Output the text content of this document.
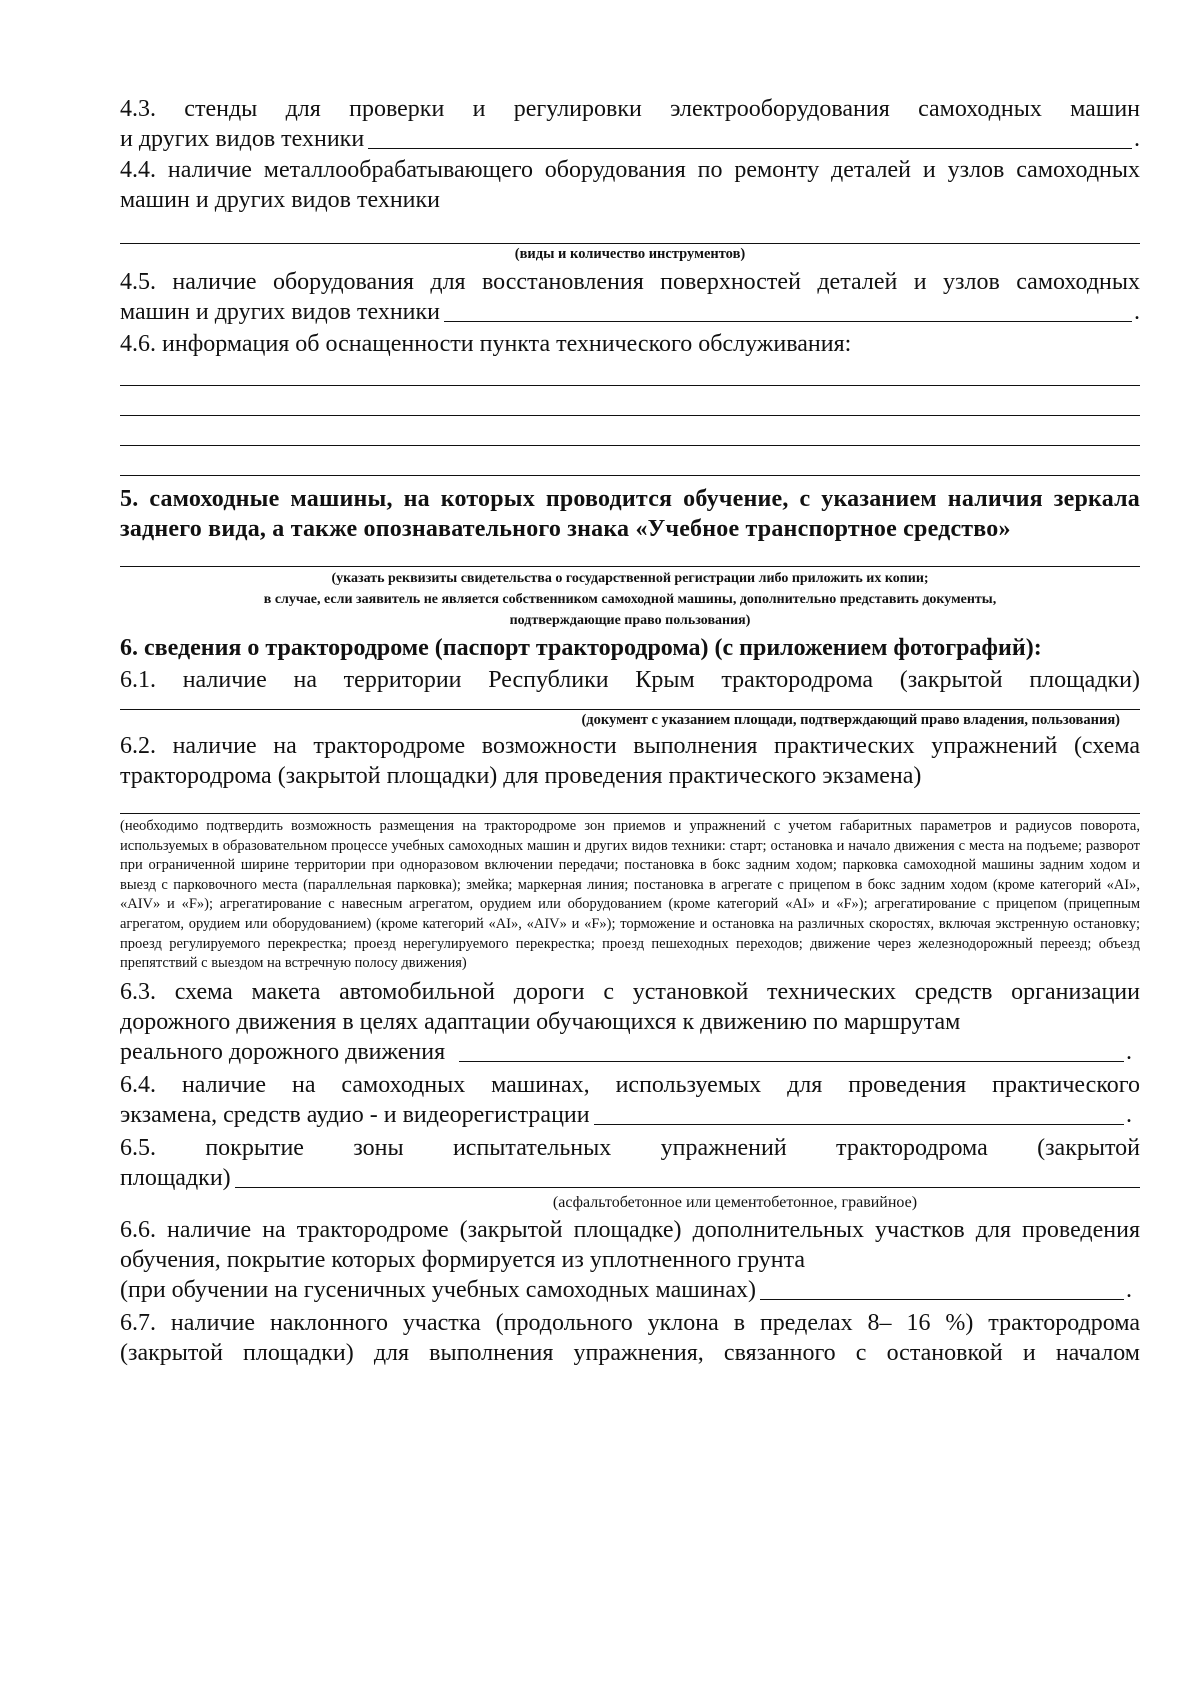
4.3. стенды для проверки и регулировки электрооборудования самоходных машин

и других видов техники	.

4.4. наличие металлообрабатывающего оборудования по ремонту деталей и узлов самоходных машин и других видов техники

(виды и количество инструментов)

4.5. наличие оборудования для восстановления поверхностей деталей и узлов самоходных

машин и других видов техники	.

4.6. информация об оснащенности пункта технического обслуживания:

5. самоходные машины, на которых проводится обучение, с указанием наличия зеркала заднего вида, а также опознавательного знака «Учебное транспортное средство»

(указать реквизиты свидетельства о государственной регистрации либо приложить их копии;

в случае, если заявитель не является собственником самоходной машины, дополнительно представить документы,

подтверждающие право пользования)

6. сведения о трактородроме (паспорт трактородрома) (с приложением фотографий):

6.1. наличие на территории Республики Крым трактородрома (закрытой площадки)

(документ с указанием площади, подтверждающий право владения, пользования)

6.2. наличие на трактородроме возможности выполнения практических упражнений (схема трактородрома (закрытой площадки) для проведения практического экзамена)

(необходимо подтвердить возможность размещения на трактородроме зон приемов и упражнений с учетом габаритных параметров и радиусов поворота, используемых в образовательном процессе учебных самоходных машин и других видов техники: старт; остановка и начало движения с места на подъеме; разворот при ограниченной ширине территории при одноразовом включении передачи; постановка в бокс задним ходом; парковка самоходной машины задним ходом и выезд с парковочного места (параллельная парковка); змейка; маркерная линия; постановка в агрегате с прицепом в бокс задним ходом (кроме категорий «AI», «AIV» и «F»); агрегатирование с навесным агрегатом, орудием или оборудованием (кроме категорий «AI» и «F»); агрегатирование с прицепом (прицепным агрегатом, орудием или оборудованием) (кроме категорий «AI», «AIV» и «F»); торможение и остановка на различных скоростях, включая экстренную остановку; проезд регулируемого перекрестка; проезд нерегулируемого перекрестка; проезд пешеходных переходов; движение через железнодорожный переезд; объезд препятствий с выездом на встречную полосу движения)

6.3. схема макета автомобильной дороги с установкой технических средств организации дорожного движения в целях адаптации обучающихся к движению по маршрутам

реального дорожного движения	.

6.4. наличие на самоходных машинах, используемых для проведения практического

экзамена, средств аудио - и видеорегистрации	.

6.5. покрытие зоны испытательных упражнений трактородрома (закрытой

площадки)

(асфальтобетонное или цементобетонное, гравийное)

6.6. наличие на трактородроме (закрытой площадке) дополнительных участков для проведения обучения, покрытие которых формируется из уплотненного грунта

(при обучении на гусеничных учебных самоходных машинах)	.

6.7. наличие наклонного участка (продольного уклона в пределах 8– 16 %) трактородрома (закрытой площадки) для выполнения упражнения, связанного с остановкой и началом
